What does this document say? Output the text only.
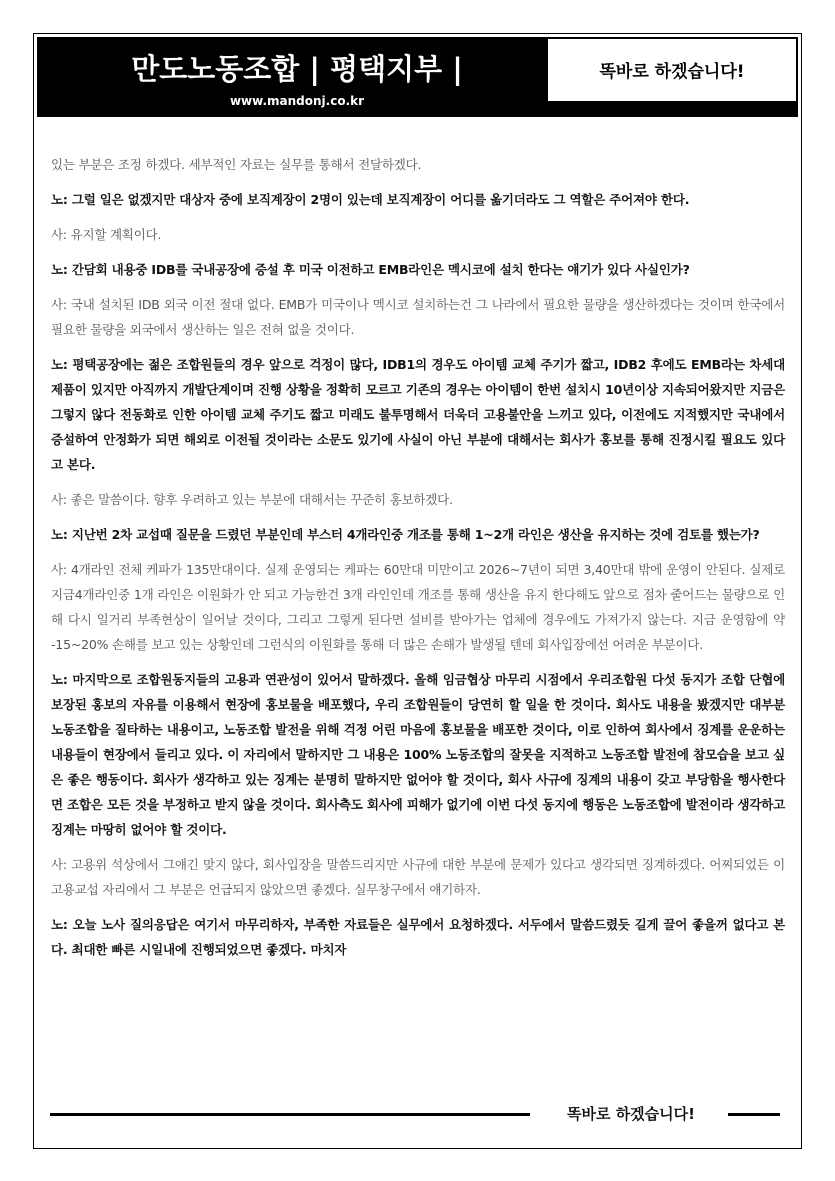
만도노동조합 | 평택지부 |
www.mandonj.co.kr
똑바로 하겠습니다!

있는 부분은 조정 하겠다. 세부적인 자료는 실무를 통해서 전달하겠다.

노: 그럴 일은 없겠지만 대상자 중에 보직계장이 2명이 있는데 보직계장이 어디를 옮기더라도 그 역할은 주어져야 한다.

사: 유지할 계획이다.

노: 간담회 내용중 IDB를 국내공장에 증설 후 미국 이전하고 EMB라인은 멕시코에 설치 한다는 얘기가 있다 사실인가?

사: 국내 설치된 IDB 외국 이전 절대 없다. EMB가 미국이나 멕시코 설치하는건 그 나라에서 필요한 물량을 생산하겠다는 것이며 한국에서 필요한 물량을 외국에서 생산하는 일은 전혀 없을 것이다.

노: 평택공장에는 젊은 조합원들의 경우 앞으로 걱정이 많다, IDB1의 경우도 아이템 교체 주기가 짧고, IDB2 후에도 EMB라는 차세대 제품이 있지만 아직까지 개발단계이며 진행 상황을 정확히 모르고 기존의 경우는 아이템이 한번 설치시 10년이상 지속되어왔지만 지금은 그렇지 않다 전동화로 인한 아이템 교체 주기도 짧고 미래도 불투명해서 더욱더 고용불안을 느끼고 있다, 이전에도 지적했지만 국내에서 증설하여 안정화가 되면 해외로 이전될 것이라는 소문도 있기에 사실이 아닌 부분에 대해서는 회사가 홍보를 통해 진정시킬 필요도 있다고 본다.

사: 좋은 말씀이다. 향후 우려하고 있는 부분에 대해서는 꾸준히 홍보하겠다.

노: 지난번 2차 교섭때 질문을 드렸던 부분인데 부스터 4개라인중 개조를 통해 1~2개 라인은 생산을 유지하는 것에 검토를 했는가?

사: 4개라인 전체 케파가 135만대이다. 실제 운영되는 케파는 60만대 미만이고 2026~7년이 되면 3,40만대 밖에 운영이 안된다. 실제로 지금4개라인중 1개 라인은 이원화가 안 되고 가능한건 3개 라인인데 개조를 통해 생산을 유지 한다해도 앞으로 점차 줄어드는 물량으로 인해 다시 일거리 부족현상이 일어날 것이다, 그리고 그렇게 된다면 설비를 받아가는 업체에 경우에도 가져가지 않는다. 지금 운영함에 약 -15~20% 손해를 보고 있는 상황인데 그런식의 이원화를 통해 더 많은 손해가 발생될 텐데 회사입장에선 어려운 부분이다.

노: 마지막으로 조합원동지들의 고용과 연관성이 있어서 말하겠다. 올해 임금협상 마무리 시점에서 우리조합원 다섯 동지가 조합 단협에 보장된 홍보의 자유를 이용해서 현장에 홍보물을 배포했다, 우리 조합원들이 당연히 할 일을 한 것이다. 회사도 내용을 봤겠지만 대부분 노동조합을 질타하는 내용이고, 노동조합 발전을 위해 걱정 어린 마음에 홍보물을 배포한 것이다, 이로 인하여 회사에서 징계를 운운하는 내용들이 현장에서 들리고 있다. 이 자리에서 말하지만 그 내용은 100% 노동조합의 잘못을 지적하고 노동조합 발전에 참모습을 보고 싶은 좋은 행동이다. 회사가 생각하고 있는 징계는 분명히 말하지만 없어야 할 것이다, 회사 사규에 징계의 내용이 갖고 부당함을 행사한다면 조합은 모든 것을 부정하고 받지 않을 것이다. 회사측도 회사에 피해가 없기에 이번 다섯 동지에 행동은 노동조합에 발전이라 생각하고 징계는 마땅히 없어야 할 것이다.

사: 고용위 석상에서 그얘긴 맞지 않다, 회사입장을 말씀드리지만 사규에 대한 부분에 문제가 있다고 생각되면 징계하겠다. 어찌되었든 이 고용교섭 자리에서 그 부분은 언급되지 않았으면 좋겠다. 실무창구에서 얘기하자.

노: 오늘 노사 질의응답은 여기서 마무리하자, 부족한 자료들은 실무에서 요청하겠다. 서두에서 말씀드렸듯 길게 끌어 좋을꺼 없다고 본다. 최대한 빠른 시일내에 진행되었으면 좋겠다. 마치자

똑바로 하겠습니다!
